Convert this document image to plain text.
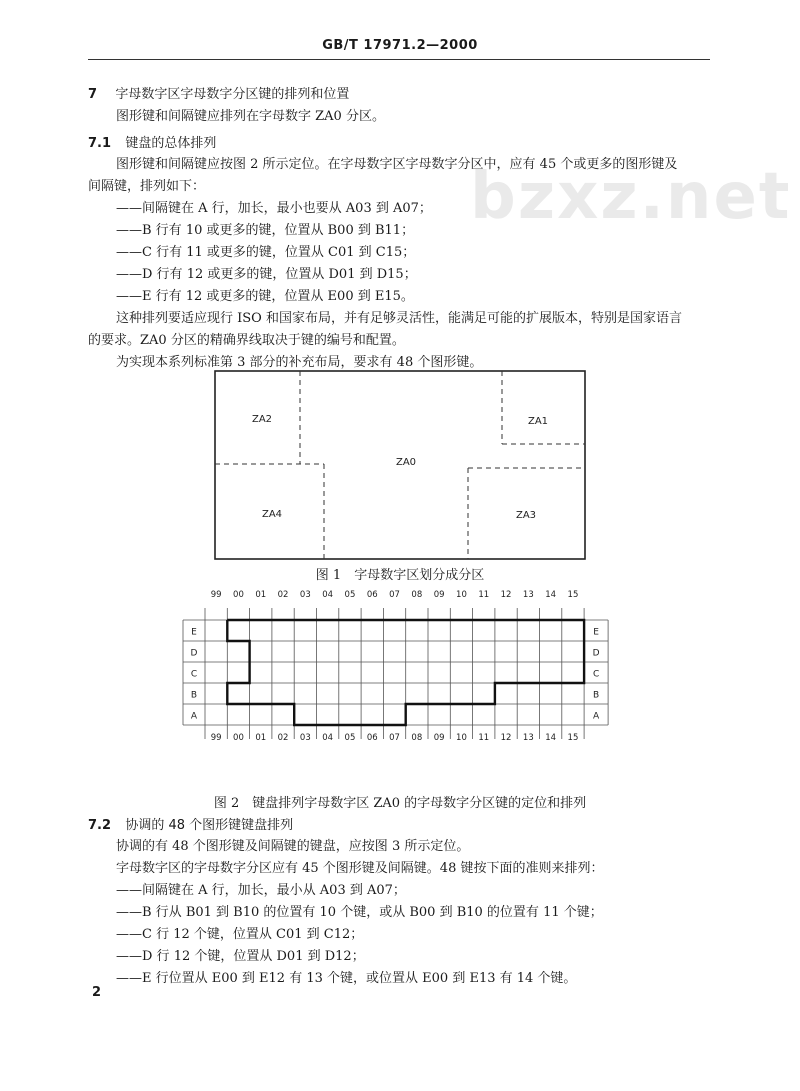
GB/T 17971.2—2000
bzxz.net
7 字母数字区字母数字分区键的排列和位置
图形键和间隔键应排列在字母数字 ZA0 分区。
7.1 键盘的总体排列
图形键和间隔键应按图 2 所示定位。在字母数字区字母数字分区中，应有 45 个或更多的图形键及
间隔键，排列如下：
——间隔键在 A 行，加长，最小也要从 A03 到 A07；
——B 行有 10 或更多的键，位置从 B00 到 B11；
——C 行有 11 或更多的键，位置从 C01 到 C15；
——D 行有 12 或更多的键，位置从 D01 到 D15；
——E 行有 12 或更多的键，位置从 E00 到 E15。
这种排列要适应现行 ISO 和国家布局，并有足够灵活性，能满足可能的扩展版本，特别是国家语言
的要求。ZA0 分区的精确界线取决于键的编号和配置。
为实现本系列标准第 3 部分的补充布局，要求有 48 个图形键。
ZA2
ZA0
ZA1
ZA4	ZA3
图 1　字母数字区划分成分区
99 00 01 02 03 04 05 06 07 08 09 10 11 12 13 14 15
99 00 01 02 03 04 05 06 07 08 09 10 11 12 13 14 15
E	E
D	D
C	C
B	B
A	A
图 2　键盘排列字母数字区 ZA0 的字母数字分区键的定位和排列
7.2 协调的 48 个图形键键盘排列
协调的有 48 个图形键及间隔键的键盘，应按图 3 所示定位。
字母数字区的字母数字分区应有 45 个图形键及间隔键。48 键按下面的准则来排列：
——间隔键在 A 行，加长，最小从 A03 到 A07；
——B 行从 B01 到 B10 的位置有 10 个键，或从 B00 到 B10 的位置有 11 个键；
——C 行 12 个键，位置从 C01 到 C12；
——D 行 12 个键，位置从 D01 到 D12；
——E 行位置从 E00 到 E12 有 13 个键，或位置从 E00 到 E13 有 14 个键。
2
